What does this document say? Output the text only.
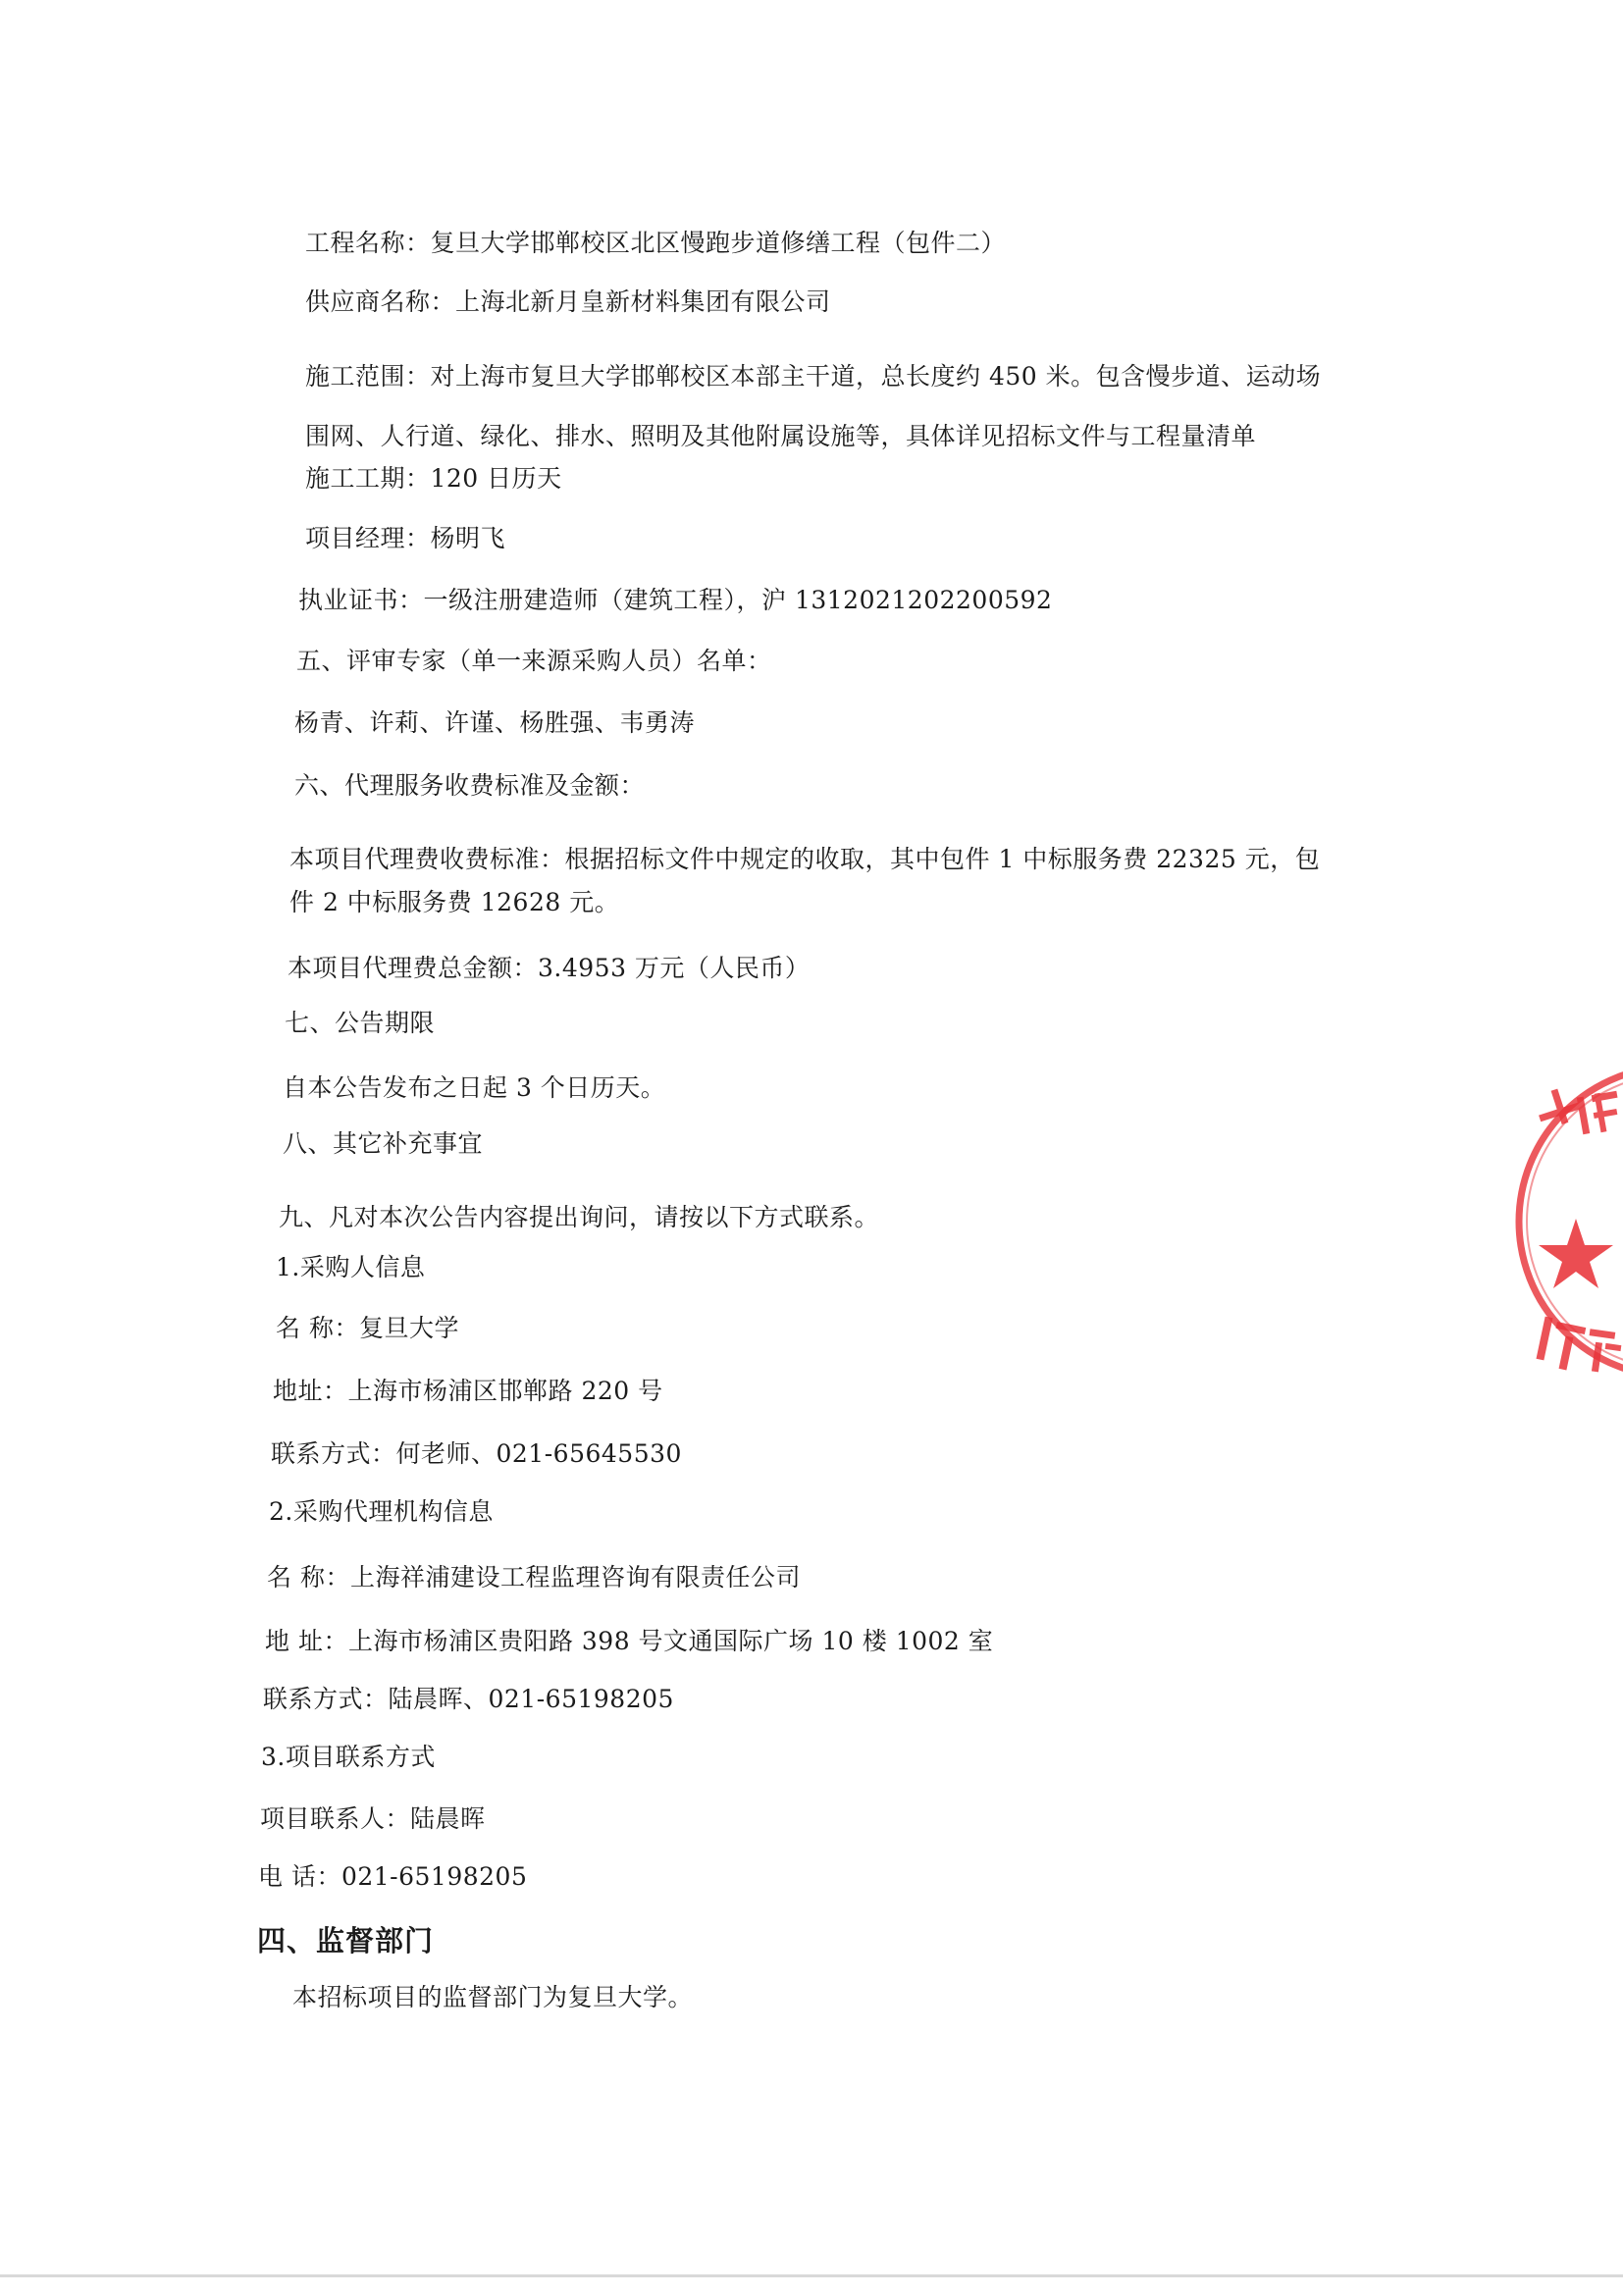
工程名称：复旦大学邯郸校区北区慢跑步道修缮工程（包件二）
供应商名称：上海北新月皇新材料集团有限公司
施工范围：对上海市复旦大学邯郸校区本部主干道，总长度约 450 米。包含慢步道、运动场
围网、人行道、绿化、排水、照明及其他附属设施等，具体详见招标文件与工程量清单
施工工期：120 日历天
项目经理：杨明飞
执业证书：一级注册建造师（建筑工程），沪 1312021202200592
五、评审专家（单一来源采购人员）名单：
杨青、许莉、许谨、杨胜强、韦勇涛
六、代理服务收费标准及金额：
本项目代理费收费标准：根据招标文件中规定的收取，其中包件 1 中标服务费 22325 元，包
件 2 中标服务费 12628 元。
本项目代理费总金额：3.4953 万元（人民币）
七、公告期限
自本公告发布之日起 3 个日历天。
八、其它补充事宜
九、凡对本次公告内容提出询问，请按以下方式联系。
1.采购人信息
名 称：复旦大学
地址：上海市杨浦区邯郸路 220 号
联系方式：何老师、021-65645530
2.采购代理机构信息
名 称：上海祥浦建设工程监理咨询有限责任公司
地 址：上海市杨浦区贵阳路 398 号文通国际广场 10 楼 1002 室
联系方式：陆晨晖、021-65198205
3.项目联系方式
项目联系人：陆晨晖
电 话：021-65198205
四、监督部门
本招标项目的监督部门为复旦大学。
